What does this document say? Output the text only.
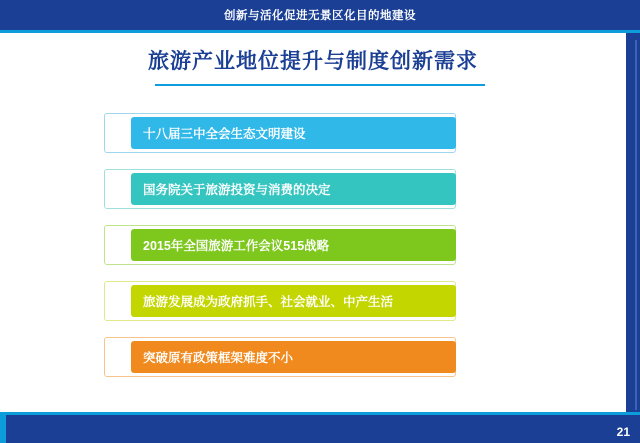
创新与活化促进无景区化目的地建设
旅游产业地位提升与制度创新需求
十八届三中全会生态文明建设
国务院关于旅游投资与消费的决定
2015年全国旅游工作会议515战略
旅游发展成为政府抓手、社会就业、中产生活
突破原有政策框架难度不小
21
